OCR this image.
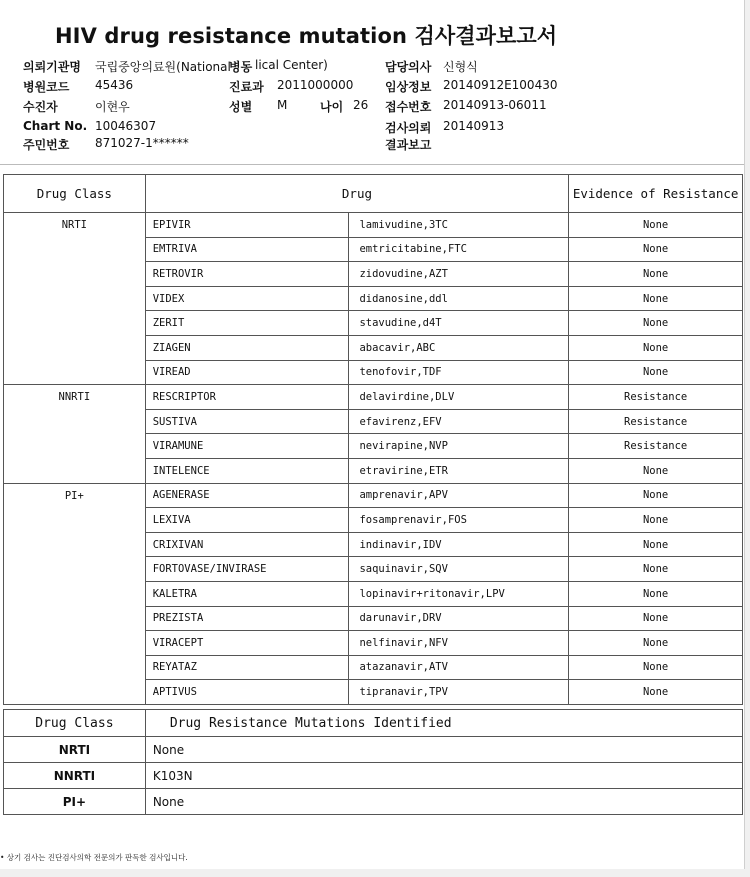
HIV drug resistance mutation 검사결과보고서
의뢰기관명 국립중앙의료원(National
병동 lical Center)	담당의사 신형식
병원코드 45436	진료과 2011000000	임상정보 20140912E100430
수진자	이현우	성별 M	나이 26 접수번호 20140913-06011
Chart No. 10046307	검사의뢰 20140913
주민번호 871027-1******	결과보고
Drug Class	Drug		Evidence of Resistance
NRTI	EPIVIR	lamivudine,3TC	None
	EMTRIVA	emtricitabine,FTC	None
	RETROVIR	zidovudine,AZT	None
	VIDEX	didanosine,ddl	None
	ZERIT	stavudine,d4T	None
	ZIAGEN	abacavir,ABC	None
	VIREAD	tenofovir,TDF	None
NNRTI	RESCRIPTOR	delavirdine,DLV	Resistance
	SUSTIVA	efavirenz,EFV	Resistance
	VIRAMUNE	nevirapine,NVP	Resistance
	INTELENCE	etravirine,ETR	None
PI+	AGENERASE	amprenavir,APV	None
	LEXIVA	fosamprenavir,FOS	None
	CRIXIVAN	indinavir,IDV	None
	FORTOVASE/INVIRASE	saquinavir,SQV	None
	KALETRA	lopinavir+ritonavir,LPV	None
	PREZISTA	darunavir,DRV	None
	VIRACEPT	nelfinavir,NFV	None
	REYATAZ	atazanavir,ATV	None
	APTIVUS	tipranavir,TPV	None
Drug Class	Drug Resistance Mutations Identified
NRTI	None
NNRTI	K103N
PI+	None
• 상기 검사는 진단검사의학 전문의가 판독한 검사입니다.
